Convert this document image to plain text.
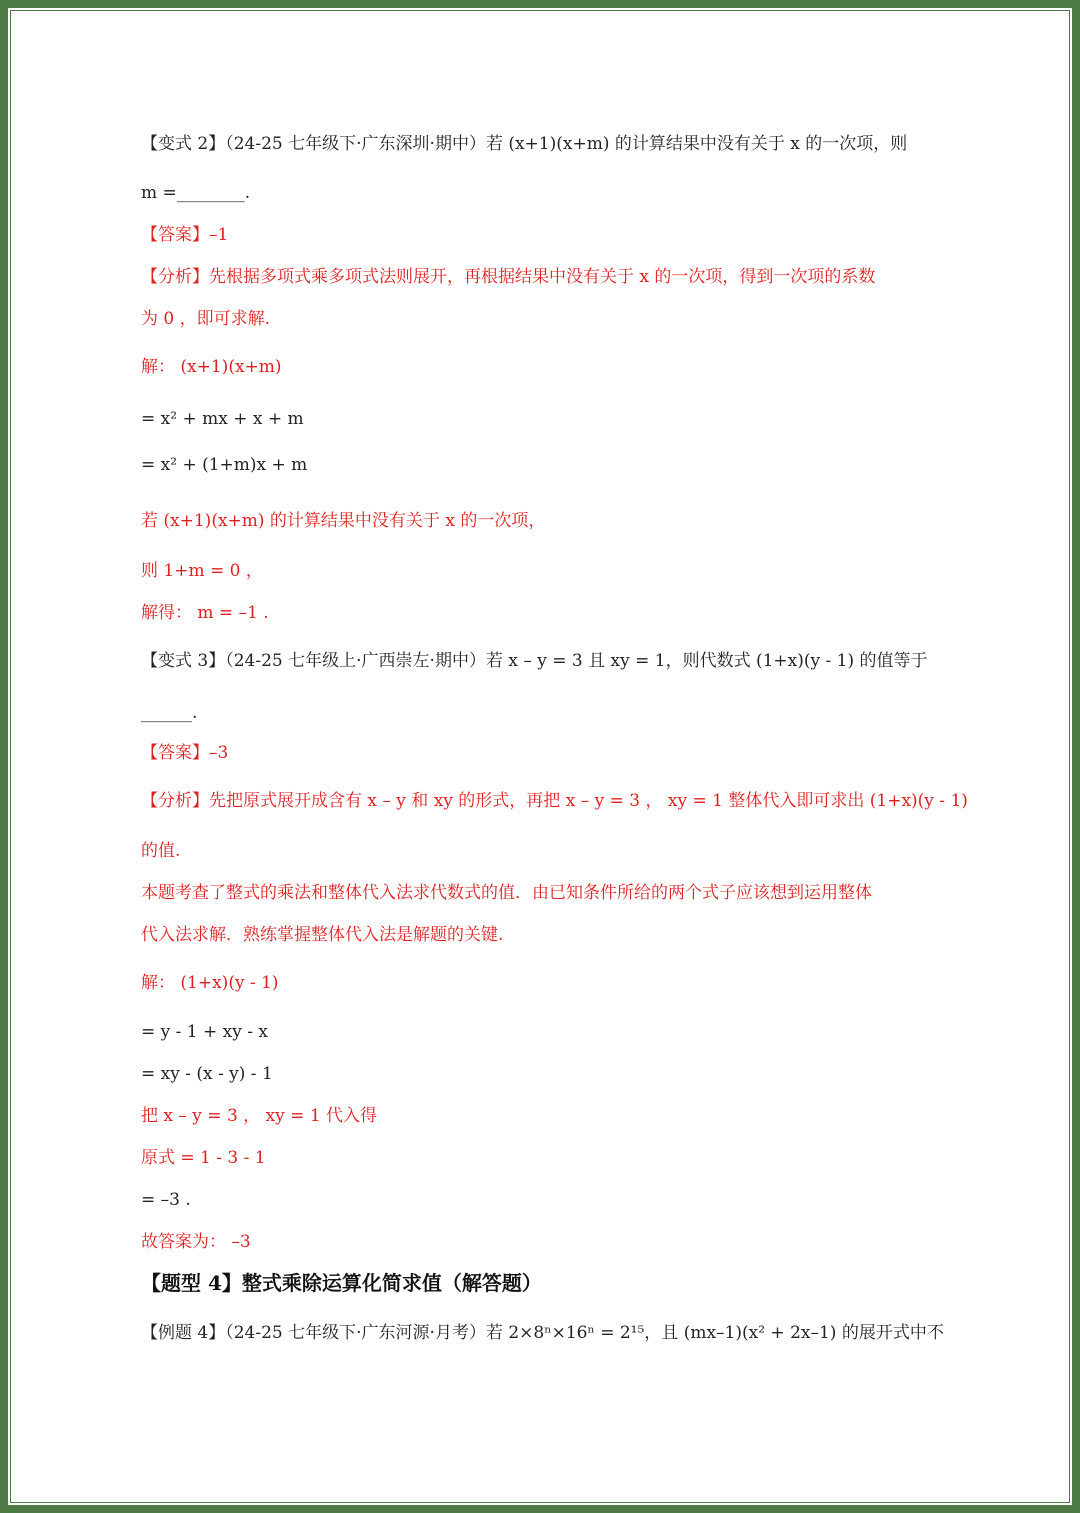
【变式 2】（24-25 七年级下·广东深圳·期中）若 (x+1)(x+m) 的计算结果中没有关于 x 的一次项，则
m =________.
【答案】–1
【分析】先根据多项式乘多项式法则展开，再根据结果中没有关于 x 的一次项，得到一次项的系数
为 0 ，即可求解.
解： (x+1)(x+m)
= x² + mx + x + m
= x² + (1+m)x + m
若 (x+1)(x+m) 的计算结果中没有关于 x 的一次项，
则 1+m = 0 ，
解得： m = –1 .
【变式 3】（24-25 七年级上·广西崇左·期中）若 x – y = 3 且 xy = 1，则代数式 (1+x)(y - 1) 的值等于
______.
【答案】–3
【分析】先把原式展开成含有 x – y 和 xy 的形式，再把 x – y = 3 ， xy = 1 整体代入即可求出 (1+x)(y - 1)
的值.
本题考查了整式的乘法和整体代入法求代数式的值．由已知条件所给的两个式子应该想到运用整体
代入法求解．熟练掌握整体代入法是解题的关键.
解： (1+x)(y - 1)
= y - 1 + xy - x
= xy - (x - y) - 1
把 x – y = 3 ， xy = 1 代入得
原式 = 1 - 3 - 1
= –3 .
故答案为： –3
【题型 4】整式乘除运算化简求值（解答题）
【例题 4】（24-25 七年级下·广东河源·月考）若 2×8ⁿ×16ⁿ = 2¹⁵，且 (mx–1)(x² + 2x–1) 的展开式中不
